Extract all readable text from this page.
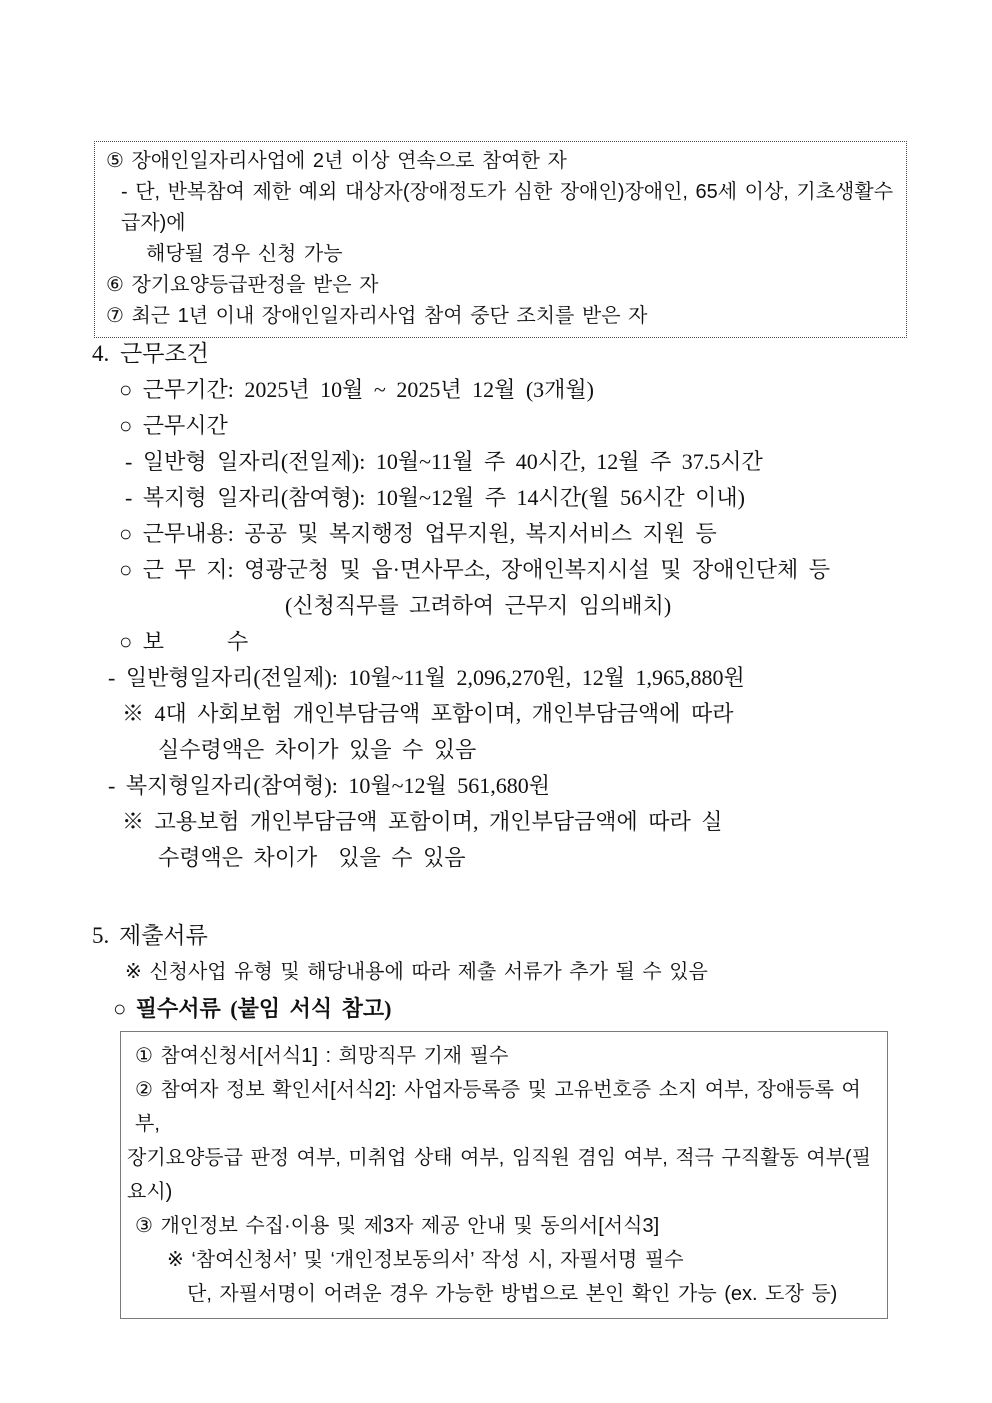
⑤ 장애인일자리사업에 2년 이상 연속으로 참여한 자
- 단, 반복참여 제한 예외 대상자(장애정도가 심한 장애인)장애인, 65세 이상, 기초생활수급자)에
해당될 경우 신청 가능
⑥ 장기요양등급판정을 받은 자
⑦ 최근 1년 이내 장애인일자리사업 참여 중단 조치를 받은 자
4. 근무조건
○ 근무기간: 2025년 10월 ~ 2025년 12월 (3개월)
○ 근무시간
- 일반형 일자리(전일제): 10월~11월 주 40시간, 12월 주 37.5시간
- 복지형 일자리(참여형): 10월~12월 주 14시간(월 56시간 이내)
○ 근무내용: 공공 및 복지행정 업무지원, 복지서비스 지원 등
○ 근 무 지: 영광군청 및 읍·면사무소, 장애인복지시설 및 장애인단체 등
(신청직무를 고려하여 근무지 임의배치)
○ 보      수
- 일반형일자리(전일제): 10월~11월 2,096,270원, 12월 1,965,880원
※ 4대 사회보험 개인부담금액 포함이며, 개인부담금액에 따라
실수령액은 차이가 있을 수 있음
- 복지형일자리(참여형): 10월~12월 561,680원
※ 고용보험 개인부담금액 포함이며, 개인부담금액에 따라 실
수령액은 차이가  있을 수 있음
5. 제출서류
※ 신청사업 유형 및 해당내용에 따라 제출 서류가 추가 될 수 있음
○ 필수서류 (붙임 서식 참고)
① 참여신청서[서식1] : 희망직무 기재 필수
② 참여자 정보 확인서[서식2]: 사업자등록증 및 고유번호증 소지 여부, 장애등록 여부,
장기요양등급 판정 여부, 미취업 상태 여부, 임직원 겸임 여부, 적극 구직활동 여부(필요시)
③ 개인정보 수집·이용 및 제3자 제공 안내 및 동의서[서식3]
※ ‘참여신청서’ 및 ‘개인정보동의서’ 작성 시, 자필서명 필수
단, 자필서명이 어려운 경우 가능한 방법으로 본인 확인 가능 (ex. 도장 등)
